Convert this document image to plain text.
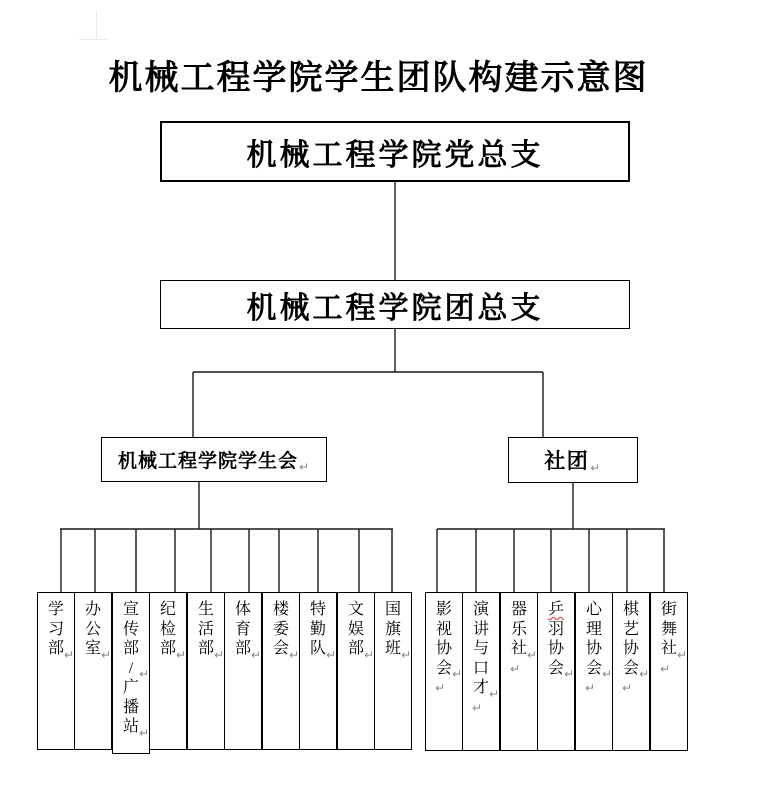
机械工程学院学生团队构建示意图
机械工程学院党总支
机械工程学院团总支
机械工程学院学生会 ↵	社团 ↵
学
习
部 ↵
办
公
室 ↵
宣
传
部
/ ↵
广
播
站 ↵
纪
检
部 ↵
生
活
部 ↵
体
育
部 ↵
楼
委
会 ↵
特
勤
队 ↵
文
娱
部 ↵
国
旗
班 ↵
影
视
协
会 ↵
↵
演
讲
与
口
才 ↵
↵
器
乐
社 ↵
↵
乒
羽
协
会 ↵
心
理
协
会 ↵
↵
棋
艺
协
会 ↵
↵
街
舞
社 ↵
↵
